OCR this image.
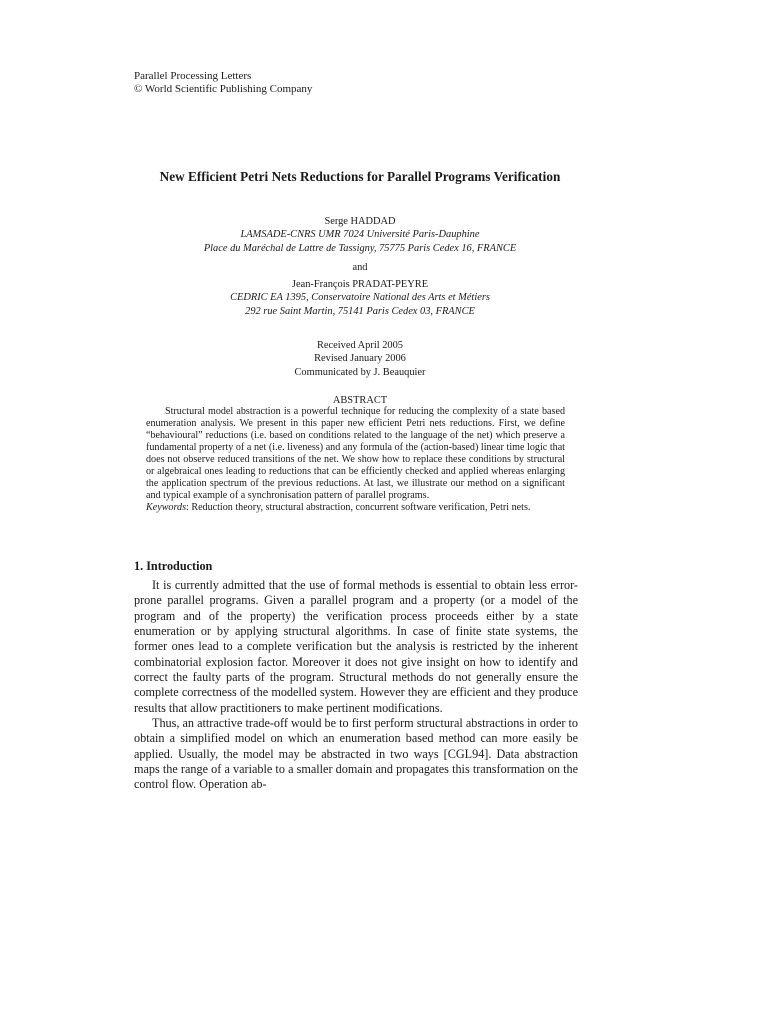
Parallel Processing Letters
© World Scientific Publishing Company
New Efficient Petri Nets Reductions for Parallel Programs Verification
Serge HADDAD
LAMSADE-CNRS UMR 7024 Université Paris-Dauphine
Place du Maréchal de Lattre de Tassigny, 75775 Paris Cedex 16, FRANCE
and
Jean-François PRADAT-PEYRE
CEDRIC EA 1395, Conservatoire National des Arts et Métiers
292 rue Saint Martin, 75141 Paris Cedex 03, FRANCE
Received April 2005
Revised January 2006
Communicated by J. Beauquier
ABSTRACT

Structural model abstraction is a powerful technique for reducing the complexity of a state based enumeration analysis. We present in this paper new efficient Petri nets reductions. First, we define “behavioural” reductions (i.e. based on conditions related to the language of the net) which preserve a fundamental property of a net (i.e. liveness) and any formula of the (action-based) linear time logic that does not observe reduced transitions of the net. We show how to replace these conditions by structural or algebraical ones leading to reductions that can be efficiently checked and applied whereas enlarging the application spectrum of the previous reductions. At last, we illustrate our method on a significant and typical example of a synchronisation pattern of parallel programs.

Keywords: Reduction theory, structural abstraction, concurrent software verification, Petri nets.

1. Introduction

It is currently admitted that the use of formal methods is essential to obtain less error-prone parallel programs. Given a parallel program and a property (or a model of the program and of the property) the verification process proceeds either by a state enumeration or by applying structural algorithms. In case of finite state systems, the former ones lead to a complete verification but the analysis is restricted by the inherent combinatorial explosion factor. Moreover it does not give insight on how to identify and correct the faulty parts of the program. Structural methods do not generally ensure the complete correctness of the modelled system. However they are efficient and they produce results that allow practitioners to make pertinent modifications.

Thus, an attractive trade-off would be to first perform structural abstractions in order to obtain a simplified model on which an enumeration based method can more easily be applied. Usually, the model may be abstracted in two ways [CGL94]. Data abstraction maps the range of a variable to a smaller domain and propagates this transformation on the control flow. Operation ab-
